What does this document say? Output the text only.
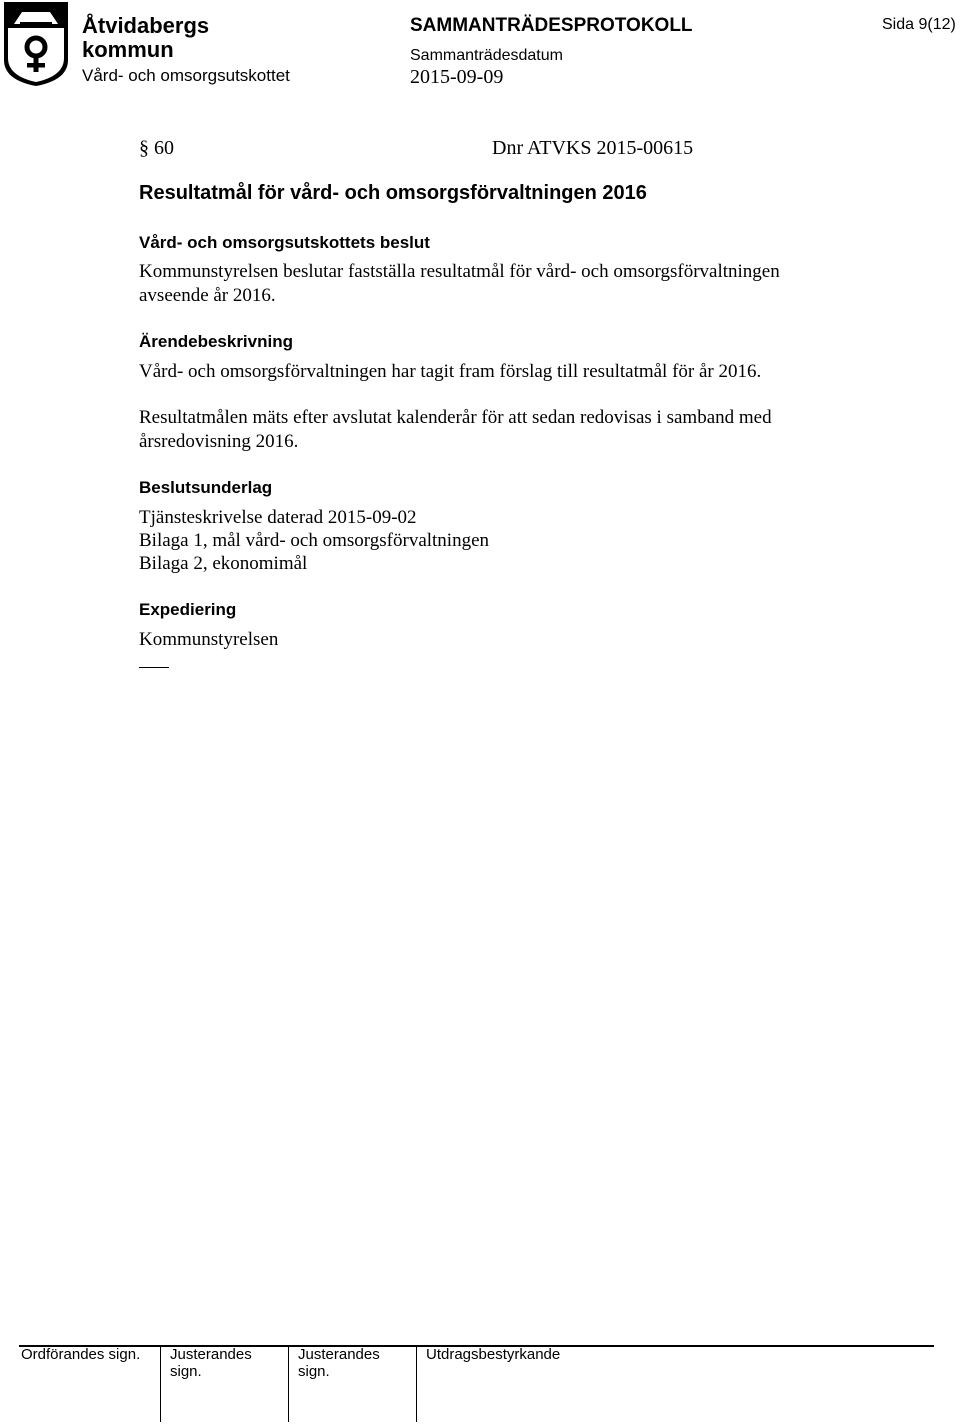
Åtvidabergs
kommun
Vård- och omsorgsutskottet
SAMMANTRÄDESPROTOKOLL
Sammanträdesdatum
2015-09-09
Sida 9(12)
§ 60	Dnr ATVKS 2015-00615
Resultatmål för vård- och omsorgsförvaltningen 2016
Vård- och omsorgsutskottets beslut
Kommunstyrelsen beslutar fastställa resultatmål för vård- och omsorgsförvaltningen
avseende år 2016.
Ärendebeskrivning
Vård- och omsorgsförvaltningen har tagit fram förslag till resultatmål för år 2016.
Resultatmålen mäts efter avslutat kalenderår för att sedan redovisas i samband med
årsredovisning 2016.
Beslutsunderlag
Tjänsteskrivelse daterad 2015-09-02
Bilaga 1, mål vård- och omsorgsförvaltningen
Bilaga 2, ekonomimål
Expediering
Kommunstyrelsen
Ordförandes sign. Justerandes
sign.
Justerandes
sign.
Utdragsbestyrkande
